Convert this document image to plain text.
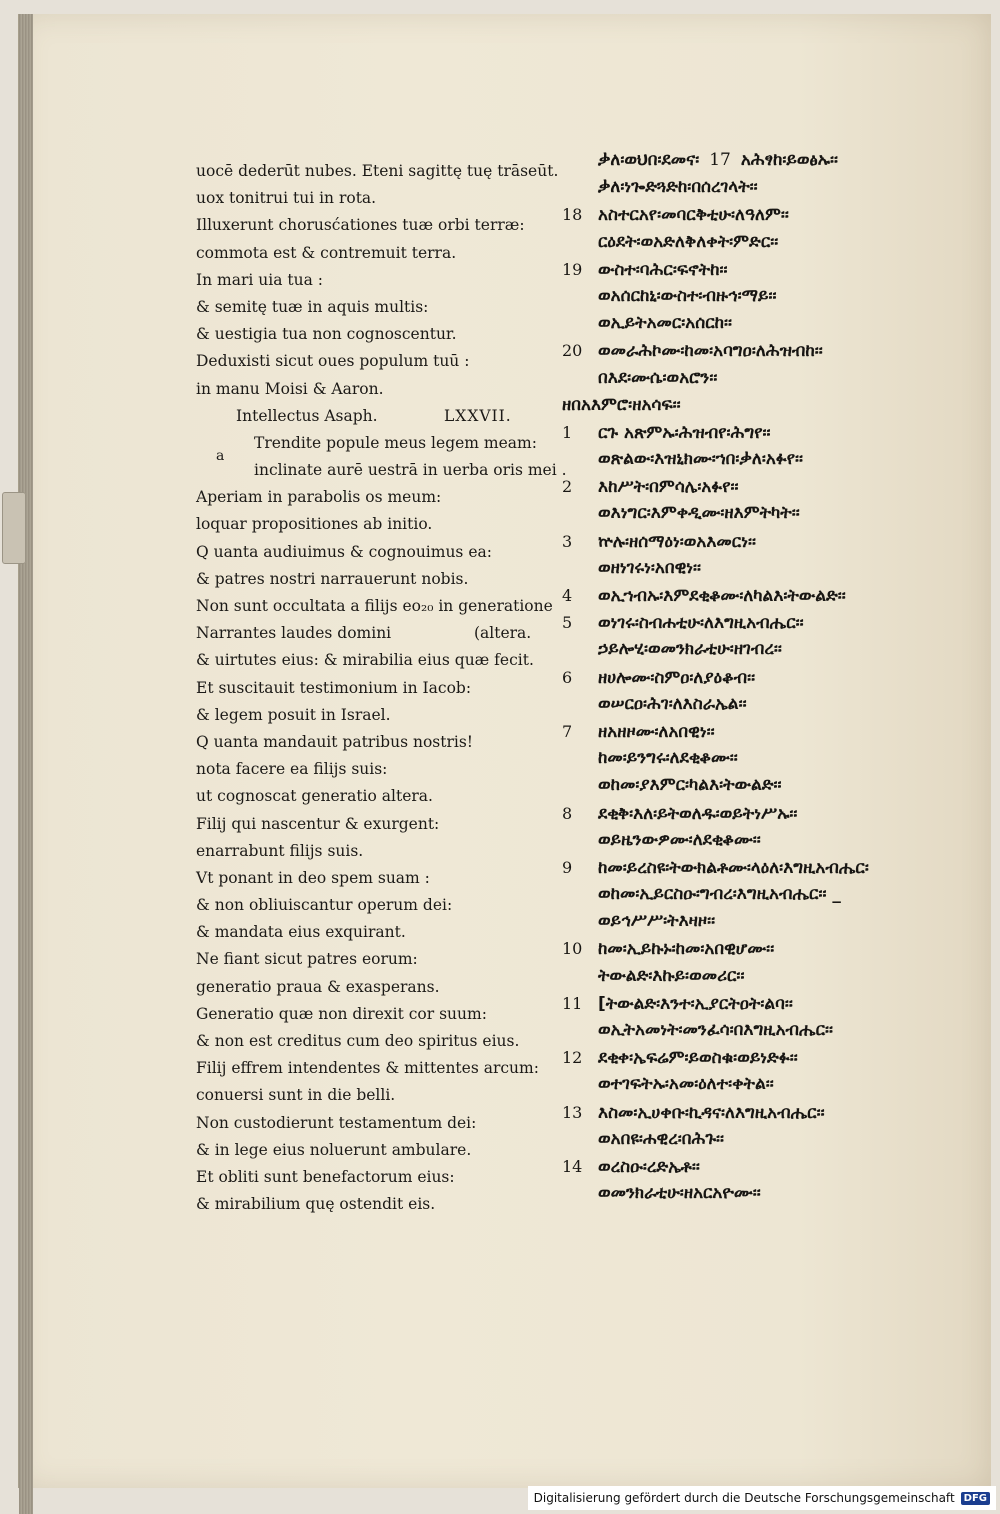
uocē dederūt nubes. Eteni sagittę tuę trāseūt.
uox tonitrui tui in rota.
Illuxerunt chorusćationes tuæ orbi terræ:
commota est & contremuit terra.
In mari uia tua :
& semitę tuæ in aquis multis:
& uestigia tua non cognoscentur.
Deduxisti sicut oues populum tuū :
in manu Moisi & Aaron.
Intellectus Asaph.	LXXVII.
Trendite popule meus legem meam:
inclinate aurē uestrā in uerba oris mei .
a
Aperiam in parabolis os meum:
loquar propositiones ab initio.
Q uanta audiuimus & cognouimus ea:
& patres nostri narrauerunt nobis.
Non sunt occultata a filijs eo₂₀ in generatione
Narrantes laudes domini	(altera.
& uirtutes eius: & mirabilia eius quæ fecit.
Et suscitauit testimonium in Iacob:
& legem posuit in Israel.
Q uanta mandauit patribus nostris!
nota facere ea filijs suis:
ut cognoscat generatio altera.
Filij qui nascentur & exurgent:
enarrabunt filijs suis.
Vt ponant in deo spem suam :
& non obliuiscantur operum dei:
& mandata eius exquirant.
Ne fiant sicut patres eorum:
generatio praua & exasperans.
Generatio quæ non direxit cor suum:
& non est creditus cum deo spiritus eius.
Filij effrem intendentes & mittentes arcum:
conuersi sunt in die belli.
Non custodierunt testamentum dei:
& in lege eius noluerunt ambulare.
Et obliti sunt benefactorum eius:
& mirabilium quę ostendit eis.
ቃለ፡ወህበ፡ደመና፡ 17 አሕፃከ፡ይወፅኡ፡፡
ቃለ፡ነጐድጓድከ፡በሰረገላት፡፡
18 አስተርአየ፡መባርቅቲሁ፡ለዓለም፡፡
ርዕደት፡ወአድለቅለቀት፡ምድር፡፡
19 ውስተ፡ባሕር፡ፍኖትከ፡፡
ወአሰርከኒ፡ውስተ፡ብዙኅ፡ማይ፡፡
ወኢይትአመር፡አሰርከ፡፡
20 ወመራሕኮሙ፡ከመ፡አባግዐ፡ለሕዝብከ፡፡
በእደ፡ሙሴ፡ወአሮን፡፡
ዘበአእምሮ፡ዘአሳፍ፡፡
1 ርጉ አጽምኡ፡ሕዝብየ፡ሕግየ፡፡
ወጽልው፡እዝኒክሙ፡ኀበ፡ቃለ፡አፉየ፡፡
2 እከሥት፡በምሳሌ፡አፉየ፡፡
ወእነግር፡እምቀዲሙ፡ዘእምትካት፡፡
3 ኵሉ፡ዘሰማዕነ፡ወአእመርነ፡፡
ወዘነገሩነ፡አበዊነ፡፡
4 ወኢኀብኡ፡እምደቂቆሙ፡ለካልእ፡ትውልድ፡፡
5 ወነገሩ፡ስብሐቲሁ፡ለእግዚአብሔር፡፡
ኃይሎሂ፡ወመንክራቲሁ፡ዘገብረ፡፡
6 ዘሀሎሙ፡ስምዐ፡ለያዕቆብ፡፡
ወሠርዐ፡ሕገ፡ለእስራኤል፡፡
7 ዘአዘዞሙ፡ለአበዊነ፡፡
ከመ፡ይንግሩ፡ለደቂቆሙ፡፡
ወከመ፡ያእምር፡ካልእ፡ትውልድ፡፡
8 ደቂቅ፡እለ፡ይትወለዱ፡ወይትነሥኡ፡፡
ወይዜንውዎሙ፡ለደቂቆሙ፡፡
9 ከመ፡ይረስዩ፡ትውክልቶሙ፡ላዕለ፡እግዚአብሔር፡
ወከመ፡ኢይርስዑ፡ግብረ፡እግዚአብሔር፡፡ _
ወይኅሥሥ፡ትእዛዞ፡፡
10 ከመ፡ኢይኩኑ፡ከመ፡አበዊሆሙ፡፡
ትውልድ፡እኩይ፡ወመሪር፡፡
11 [ትውልድ፡እንተ፡ኢያርትዐት፡ልባ፡፡
ወኢትአመነት፡መንፈሳ፡በእግዚአብሔር፡፡
12 ደቂቀ፡ኤፍሬም፡ይወስቁ፡ወይነድፉ፡፡
ወተገፍትኡ፡አመ፡ዕለተ፡ቀትል፡፡
13 እስመ፡ኢሀቀቡ፡ኪዳና፡ለእግዚአብሔር፡፡
ወአበዩ፡ሐዊረ፡በሕጉ፡፡
14 ወረስዑ፡ረድኤቶ፡፡
ወመንክራቲሁ፡ዘአርአዮሙ፡፡
Digitalisierung gefördert durch die Deutsche Forschungsgemeinschaft DFG
